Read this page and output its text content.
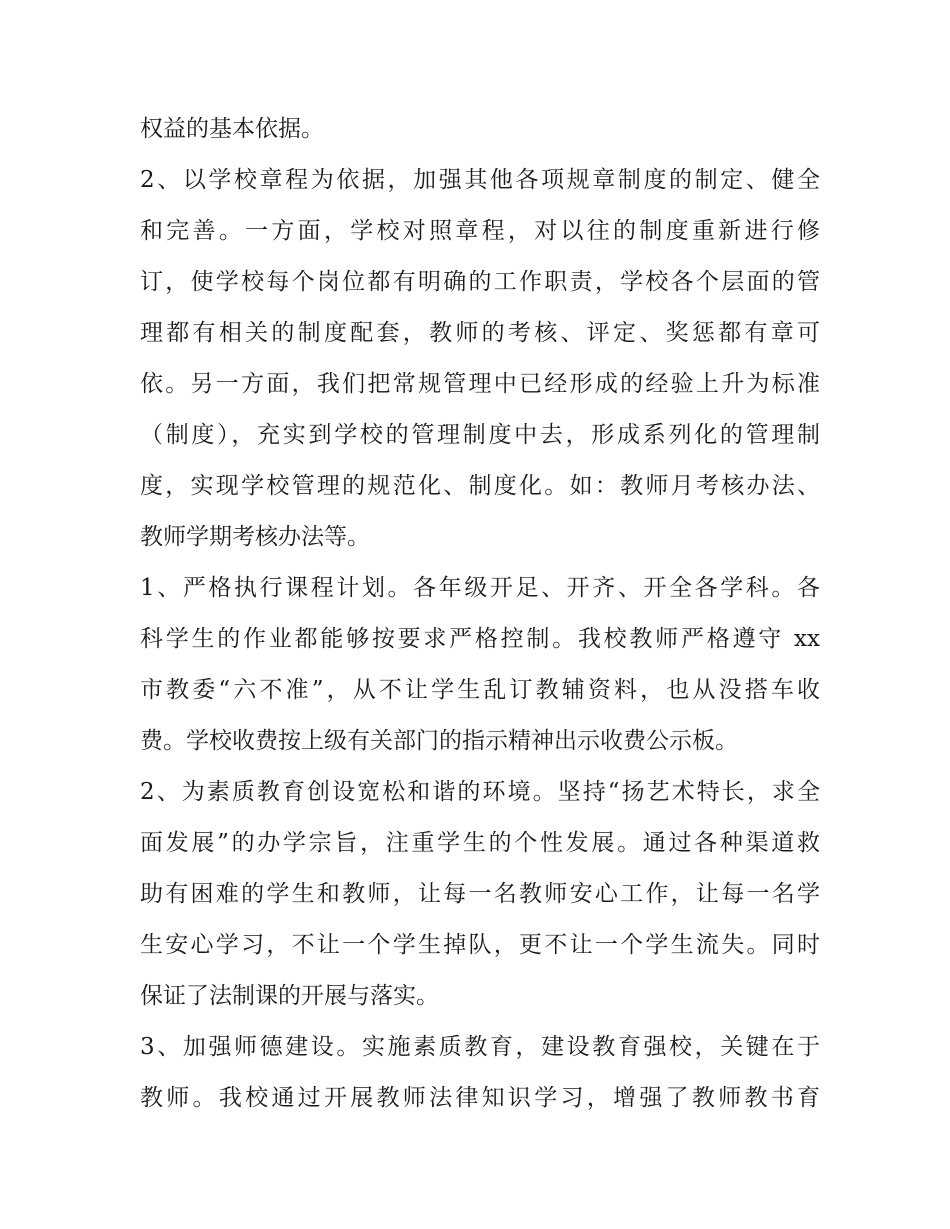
权益的基本依据。
2、以学校章程为依据，加强其他各项规章制度的制定、健全
和完善。一方面，学校对照章程，对以往的制度重新进行修
订，使学校每个岗位都有明确的工作职责，学校各个层面的管
理都有相关的制度配套，教师的考核、评定、奖惩都有章可
依。另一方面，我们把常规管理中已经形成的经验上升为标准
（制度），充实到学校的管理制度中去，形成系列化的管理制
度，实现学校管理的规范化、制度化。如：教师月考核办法、
教师学期考核办法等。
1、严格执行课程计划。各年级开足、开齐、开全各学科。各
科学生的作业都能够按要求严格控制。我校教师严格遵守 xx
市教委“六不准”，从不让学生乱订教辅资料，也从没搭车收
费。学校收费按上级有关部门的指示精神出示收费公示板。
2、为素质教育创设宽松和谐的环境。坚持“扬艺术特长，求全
面发展”的办学宗旨，注重学生的个性发展。通过各种渠道救
助有困难的学生和教师，让每一名教师安心工作，让每一名学
生安心学习，不让一个学生掉队，更不让一个学生流失。同时
保证了法制课的开展与落实。
3、加强师德建设。实施素质教育，建设教育强校，关键在于
教师。我校通过开展教师法律知识学习，增强了教师教书育
